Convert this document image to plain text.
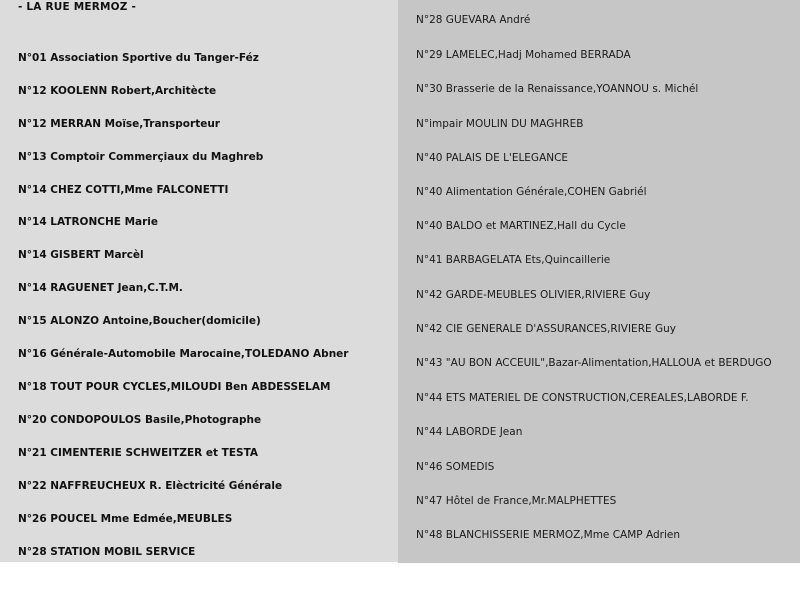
- LA RUE MERMOZ -
N°01 Association Sportive du Tanger-Féz
N°12 KOOLENN Robert,Architècte
N°12 MERRAN Moïse,Transporteur
N°13 Comptoir Commerçiaux du Maghreb
N°14 CHEZ COTTI,Mme FALCONETTI
N°14 LATRONCHE Marie
N°14 GISBERT Marcèl
N°14 RAGUENET Jean,C.T.M.
N°15 ALONZO Antoine,Boucher(domicile)
N°16 Générale-Automobile Marocaine,TOLEDANO Abner
N°18 TOUT POUR CYCLES,MILOUDI Ben ABDESSELAM
N°20 CONDOPOULOS Basile,Photographe
N°21 CIMENTERIE SCHWEITZER et TESTA
N°22 NAFFREUCHEUX R. Elèctricité Générale
N°26 POUCEL Mme Edmée,MEUBLES
N°28 STATION MOBIL SERVICE
N°28 GUEVARA André
N°29 LAMELEC,Hadj Mohamed BERRADA
N°30 Brasserie de la Renaissance,YOANNOU s. Michél
N°impair MOULIN DU MAGHREB
N°40 PALAIS DE L'ELEGANCE
N°40 Alimentation Générale,COHEN Gabriél
N°40 BALDO et MARTINEZ,Hall du Cycle
N°41 BARBAGELATA Ets,Quincaillerie
N°42 GARDE-MEUBLES OLIVIER,RIVIERE Guy
N°42 CIE GENERALE D'ASSURANCES,RIVIERE Guy
N°43 "AU BON ACCEUIL",Bazar-Alimentation,HALLOUA et BERDUGO
N°44 ETS MATERIEL DE CONSTRUCTION,CEREALES,LABORDE F.
N°44 LABORDE Jean
N°46 SOMEDIS
N°47 Hôtel de France,Mr.MALPHETTES
N°48 BLANCHISSERIE MERMOZ,Mme CAMP Adrien
